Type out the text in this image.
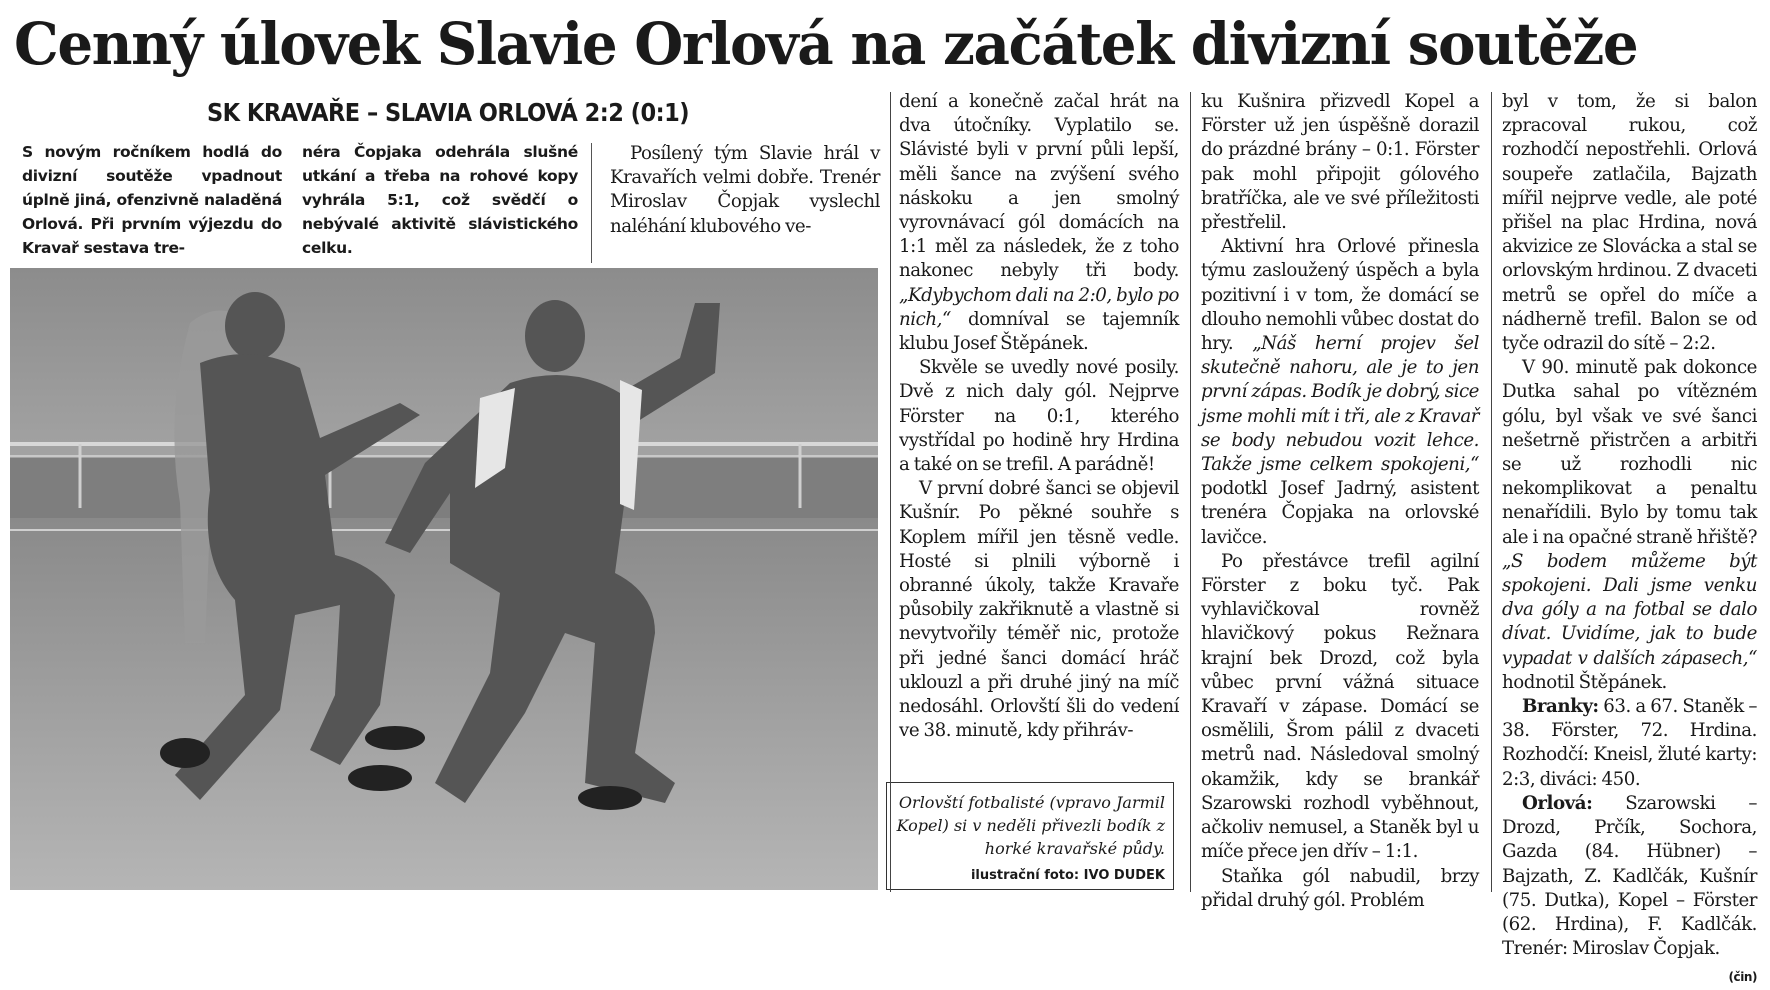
Cenný úlovek Slavie Orlová na začátek divizní soutěže
SK KRAVAŘE – SLAVIA ORLOVÁ 2:2 (0:1)
S novým ročníkem hodlá do divizní soutěže vpadnout úplně jiná, ofenzivně naladěná Orlová. Při prvním výjezdu do Kravař sestava tre-
néra Čopjaka odehrála slušné utkání a třeba na rohové kopy vyhrála 5:1, což svědčí o nebývalé aktivitě slávistického celku.

Posílený tým Slavie hrál v Kravařích velmi dobře. Trenér Miroslav Čopjak vyslechl naléhání klubového ve-

Orlovští fotbalisté (vpravo Jarmil Kopel) si v neděli přivezli bodík z horké kravařské půdy.
ilustrační foto: IVO DUDEK

dení a konečně začal hrát na dva útočníky. Vyplatilo se. Slávisté byli v první půli lepší, měli šance na zvýšení svého náskoku a jen smolný vyrovnávací gól domácích na 1:1 měl za následek, že z toho nakonec nebyly tři body. „Kdybychom dali na 2:0, bylo po nich,“ domníval se tajemník klubu Josef Štěpánek.

Skvěle se uvedly nové posily. Dvě z nich daly gól. Nejprve Förster na 0:1, kterého vystřídal po hodině hry Hrdina a také on se trefil. A parádně!

V první dobré šanci se objevil Kušnír. Po pěkné souhře s Koplem mířil jen těsně vedle. Hosté si plnili výborně i obranné úkoly, takže Kravaře působily zakřiknutě a vlastně si nevytvořily téměř nic, protože při jedné šanci domácí hráč uklouzl a při druhé jiný na míč nedosáhl. Orlovští šli do vedení ve 38. minutě, kdy přihráv-

ku Kušnira přizvedl Kopel a Förster už jen úspěšně dorazil do prázdné brány – 0:1. Förster pak mohl připojit gólového bratříčka, ale ve své příležitosti přestřelil.

Aktivní hra Orlové přinesla týmu zasloužený úspěch a byla pozitivní i v tom, že domácí se dlouho nemohli vůbec dostat do hry. „Náš herní projev šel skutečně nahoru, ale je to jen první zápas. Bodík je dobrý, sice jsme mohli mít i tři, ale z Kravař se body nebudou vozit lehce. Takže jsme celkem spokojeni,“ podotkl Josef Jadrný, asistent trenéra Čopjaka na orlovské lavičce.

Po přestávce trefil agilní Förster z boku tyč. Pak vyhlavičkoval rovněž hlavičkový pokus Režnara krajní bek Drozd, což byla vůbec první vážná situace Kravaří v zápase. Domácí se osmělili, Šrom pálil z dvaceti metrů nad. Následoval smolný okamžik, kdy se brankář Szarowski rozhodl vyběhnout, ačkoliv nemusel, a Staněk byl u míče přece jen dřív – 1:1.

Staňka gól nabudil, brzy přidal druhý gól. Problém

byl v tom, že si balon zpracoval rukou, což rozhodčí nepostřehli. Orlová soupeře zatlačila, Bajzath mířil nejprve vedle, ale poté přišel na plac Hrdina, nová akvizice ze Slovácka a stal se orlovským hrdinou. Z dvaceti metrů se opřel do míče a nádherně trefil. Balon se od tyče odrazil do sítě – 2:2.

V 90. minutě pak dokonce Dutka sahal po vítězném gólu, byl však ve své šanci nešetrně přistrčen a arbitři se už rozhodli nic nekomplikovat a penaltu nenařídili. Bylo by tomu tak ale i na opačné straně hřiště? „S bodem můžeme být spokojeni. Dali jsme venku dva góly a na fotbal se dalo dívat. Uvidíme, jak to bude vypadat v dalších zápasech,“ hodnotil Štěpánek.

Branky: 63. a 67. Staněk – 38. Förster, 72. Hrdina. Rozhodčí: Kneisl, žluté karty: 2:3, diváci: 450.

Orlová: Szarowski – Drozd, Prčík, Sochora, Gazda (84. Hübner) – Bajzath, Z. Kadlčák, Kušnír (75. Dutka), Kopel – Förster (62. Hrdina), F. Kadlčák. Trenér: Miroslav Čopjak.
(čin)
